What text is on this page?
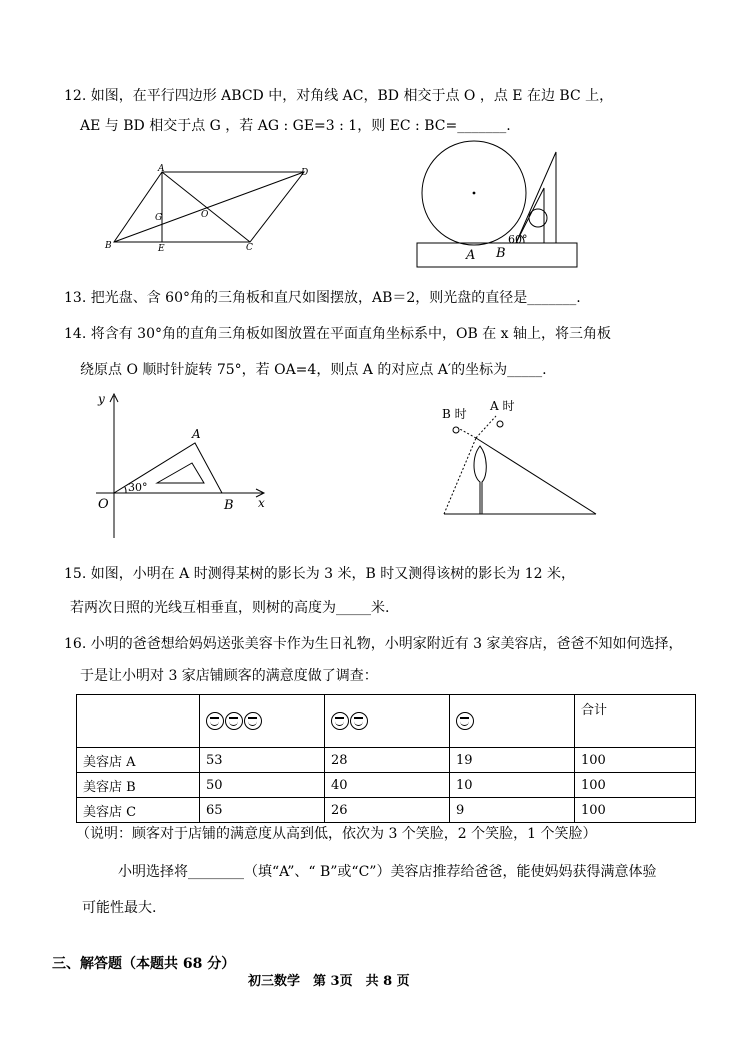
12. 如图，在平行四边形 ABCD 中，对角线 AC，BD 相交于点 O ，点 E 在边 BC 上，
AE 与 BD 相交于点 G ，若 AG : GE=3 : 1，则 EC : BC=_______.
A	D
B	C
E
G	O
60°
A B
13. 把光盘、含 60°角的三角板和直尺如图摆放，AB＝2，则光盘的直径是_______.
14. 将含有 30°角的直角三角板如图放置在平面直角坐标系中，OB 在 x 轴上，将三角板
绕原点 O 顺时针旋转 75°，若 OA=4，则点 A 的对应点 A′的坐标为_____.
y
x
O
A
B
30°
B 时
A 时
15. 如图，小明在 A 时测得某树的影长为 3 米，B 时又测得该树的影长为 12 米，
若两次日照的光线互相垂直，则树的高度为_____米.
16. 小明的爸爸想给妈妈送张美容卡作为生日礼物，小明家附近有 3 家美容店，爸爸不知如何选择，
于是让小明对 3 家店铺顾客的满意度做了调查：
				合计
美容店 A	53	28	19	100
美容店 B	50	40	10	100
美容店 C	65	26	9	100
（说明：顾客对于店铺的满意度从高到低，依次为 3 个笑脸，2 个笑脸，1 个笑脸）
小明选择将________（填“A”、“ B”或“C”）美容店推荐给爸爸，能使妈妈获得满意体验
可能性最大.
三、解答题（本题共 68 分）
初三数学　第 3页　共 8 页
